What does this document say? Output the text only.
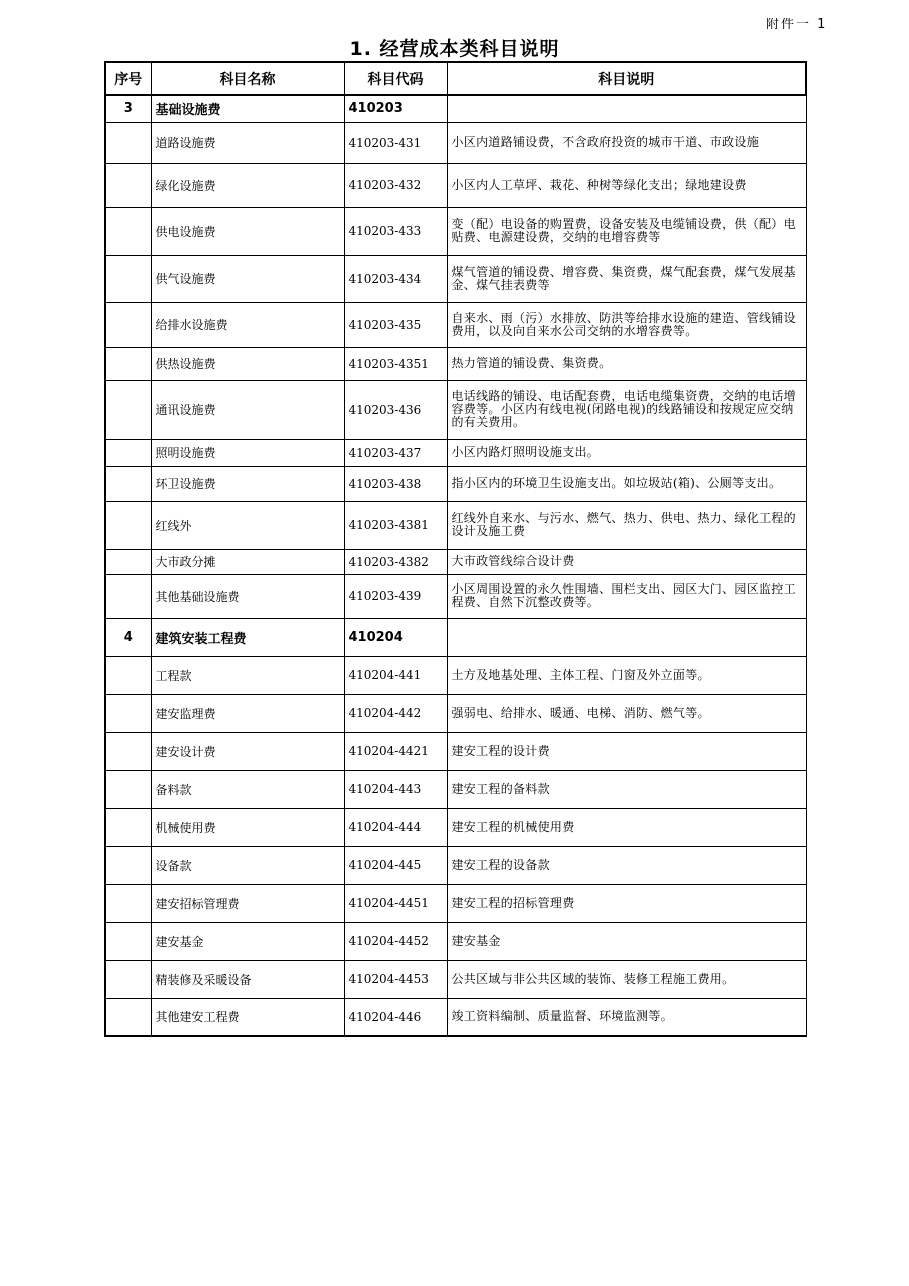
附件一 1
1. 经营成本类科目说明
序号	科目名称	科目代码	科目说明
3	基础设施费	410203	
	道路设施费	410203-431	小区内道路铺设费，不含政府投资的城市干道、市政设施
	绿化设施费	410203-432	小区内人工草坪、栽花、种树等绿化支出；绿地建设费
	供电设施费	410203-433	变（配）电设备的购置费，设备安装及电缆铺设费，供（配）电贴费、电源建设费，交纳的电增容费等
	供气设施费	410203-434	煤气管道的铺设费、增容费、集资费，煤气配套费，煤气发展基金、煤气挂表费等
	给排水设施费	410203-435	自来水、雨（污）水排放、防洪等给排水设施的建造、管线铺设费用，以及向自来水公司交纳的水增容费等。
	供热设施费	410203-4351	热力管道的铺设费、集资费。
	通讯设施费	410203-436	电话线路的铺设、电话配套费，电话电缆集资费，交纳的电话增容费等。小区内有线电视(闭路电视)的线路铺设和按规定应交纳的有关费用。
	照明设施费	410203-437	小区内路灯照明设施支出。
	环卫设施费	410203-438	指小区内的环境卫生设施支出。如垃圾站(箱)、公厕等支出。
	红线外	410203-4381	红线外自来水、与污水、燃气、热力、供电、热力、绿化工程的设计及施工费
	大市政分摊	410203-4382	大市政管线综合设计费
	其他基础设施费	410203-439	小区周围设置的永久性围墙、围栏支出、园区大门、园区监控工程费、自然下沉整改费等。
4	建筑安装工程费	410204	
	工程款	410204-441	土方及地基处理、主体工程、门窗及外立面等。
	建安监理费	410204-442	强弱电、给排水、暖通、电梯、消防、燃气等。
	建安设计费	410204-4421	建安工程的设计费
	备料款	410204-443	建安工程的备料款
	机械使用费	410204-444	建安工程的机械使用费
	设备款	410204-445	建安工程的设备款
	建安招标管理费	410204-4451	建安工程的招标管理费
	建安基金	410204-4452	建安基金
	精装修及采暖设备	410204-4453	公共区域与非公共区域的装饰、装修工程施工费用。
	其他建安工程费	410204-446	竣工资料编制、质量监督、环境监测等。
